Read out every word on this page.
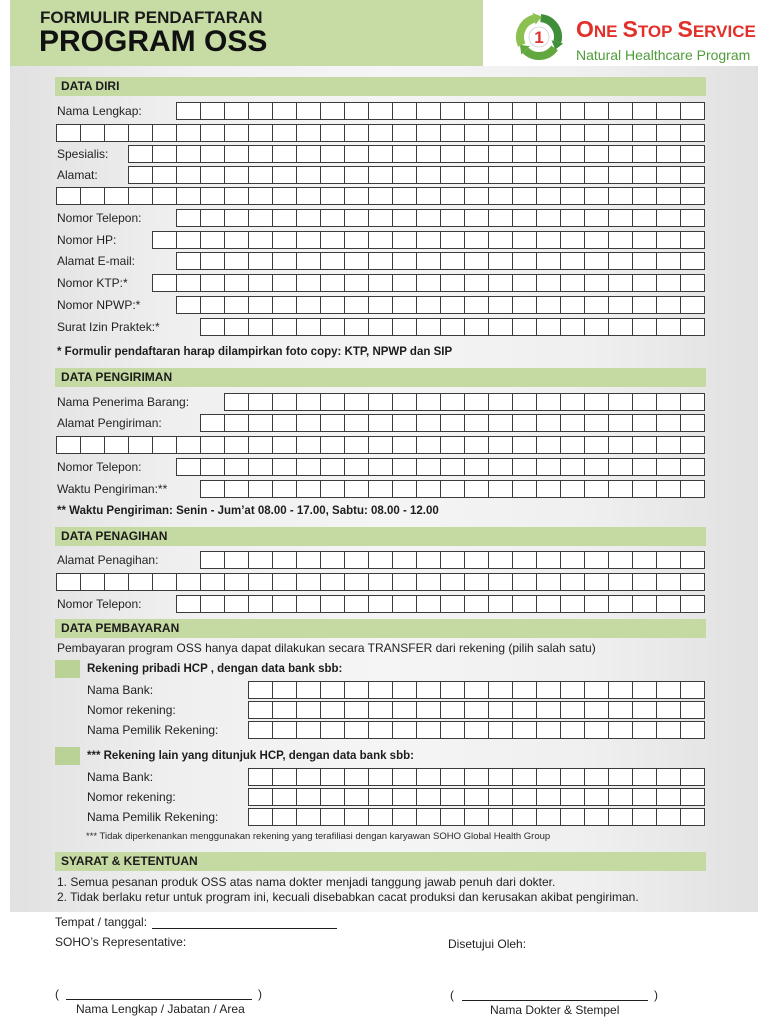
FORMULIR PENDAFTARAN
PROGRAM OSS	1 ONE STOP SERVICE
Natural Healthcare Program
DATA DIRI
Nama Lengkap:
Spesialis:
Alamat:
Nomor Telepon:
Nomor HP:
Alamat E-mail:
Nomor KTP:*
Nomor NPWP:*
Surat Izin Praktek:*
* Formulir pendaftaran harap dilampirkan foto copy: KTP, NPWP dan SIP
DATA PENGIRIMAN
Nama Penerima Barang:
Alamat Pengiriman:
Nomor Telepon:
Waktu Pengiriman:**
** Waktu Pengiriman: Senin - Jum’at 08.00 - 17.00, Sabtu: 08.00 - 12.00
DATA PENAGIHAN
Alamat Penagihan:
Nomor Telepon:
DATA PEMBAYARAN
Pembayaran program OSS hanya dapat dilakukan secara TRANSFER dari rekening (pilih salah satu)
Rekening pribadi HCP , dengan data bank sbb:
Nama Bank:
Nomor rekening:
Nama Pemilik Rekening:
*** Rekening lain yang ditunjuk HCP, dengan data bank sbb:
Nama Bank:
Nomor rekening:
Nama Pemilik Rekening:
*** Tidak diperkenankan menggunakan rekening yang terafiliasi dengan karyawan SOHO Global Health Group
SYARAT & KETENTUAN
1. Semua pesanan produk OSS atas nama dokter menjadi tanggung jawab penuh dari dokter.
2. Tidak berlaku retur untuk program ini, kecuali disebabkan cacat produksi dan kerusakan akibat pengiriman.
Tempat / tanggal:
SOHO’s Representative:	Disetujui Oleh:
(	)
Nama Lengkap / Jabatan / Area
(	)
Nama Dokter & Stempel
